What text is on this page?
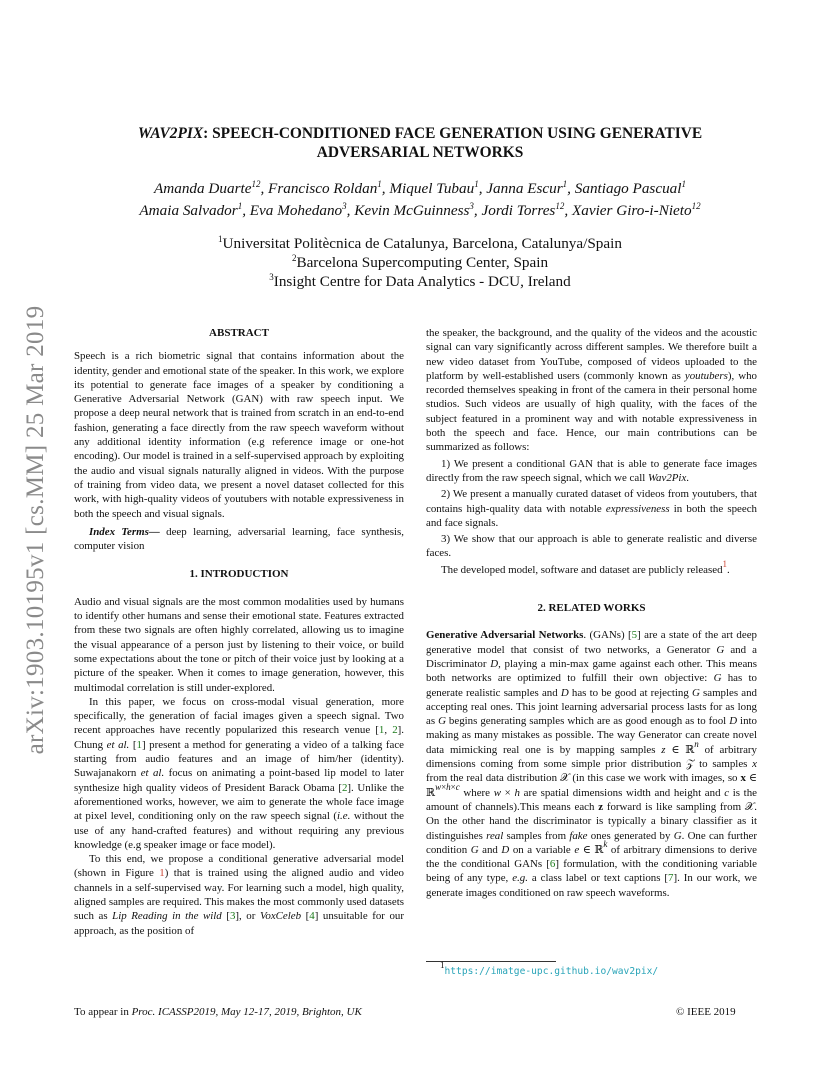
arXiv:1903.10195v1 [cs.MM] 25 Mar 2019
WAV2PIX: SPEECH-CONDITIONED FACE GENERATION USING GENERATIVE
ADVERSARIAL NETWORKS
Amanda Duarte$^{12}$, Francisco Roldan$^1$, Miquel Tubau$^1$, Janna Escur$^1$, Santiago Pascual$^1$
Amaia Salvador$^1$, Eva Mohedano$^3$, Kevin McGuinness$^3$, Jordi Torres$^{12}$, Xavier Giro-i-Nieto$^{12}$
$^1$Universitat Politècnica de Catalunya, Barcelona, Catalunya/Spain
$^2$Barcelona Supercomputing Center, Spain
$^3$Insight Centre for Data Analytics - DCU, Ireland
ABSTRACT

Speech is a rich biometric signal that contains information about the identity, gender and emotional state of the speaker. In this work, we explore its potential to generate face images of a speaker by conditioning a Generative Adversarial Network (GAN) with raw speech input. We propose a deep neural network that is trained from scratch in an end-to-end fashion, generating a face directly from the raw speech waveform without any additional identity information (e.g reference image or one-hot encoding). Our model is trained in a self-supervised approach by exploiting the audio and visual signals naturally aligned in videos. With the purpose of training from video data, we present a novel dataset collected for this work, with high-quality videos of youtubers with notable expressiveness in both the speech and visual signals.

Index Terms— deep learning, adversarial learning, face synthesis, computer vision

1. INTRODUCTION

Audio and visual signals are the most common modalities used by humans to identify other humans and sense their emotional state. Features extracted from these two signals are often highly correlated, allowing us to imagine the visual appearance of a person just by listening to their voice, or build some expectations about the tone or pitch of their voice just by looking at a picture of the speaker. When it comes to image generation, however, this multimodal correlation is still under-explored.

In this paper, we focus on cross-modal visual generation, more specifically, the generation of facial images given a speech signal. Two recent approaches have recently popularized this research venue [1, 2]. Chung et al. [1] present a method for generating a video of a talking face starting from audio features and an image of him/her (identity). Suwajanakorn et al. focus on animating a point-based lip model to later synthesize high quality videos of President Barack Obama [2]. Unlike the aforementioned works, however, we aim to generate the whole face image at pixel level, conditioning only on the raw speech signal (i.e. without the use of any hand-crafted features) and without requiring any previous knowledge (e.g speaker image or face model).

To this end, we propose a conditional generative adversarial model (shown in Figure 1) that is trained using the aligned audio and video channels in a self-supervised way. For learning such a model, high quality, aligned samples are required. This makes the most commonly used datasets such as Lip Reading in the wild [3], or VoxCeleb [4] unsuitable for our approach, as the position of

the speaker, the background, and the quality of the videos and the acoustic signal can vary significantly across different samples. We therefore built a new video dataset from YouTube, composed of videos uploaded to the platform by well-established users (commonly known as youtubers), who recorded themselves speaking in front of the camera in their personal home studios. Such videos are usually of high quality, with the faces of the subject featured in a prominent way and with notable expressiveness in both the speech and face. Hence, our main contributions can be summarized as follows:

1) We present a conditional GAN that is able to generate face images directly from the raw speech signal, which we call Wav2Pix.

2) We present a manually curated dataset of videos from youtubers, that contains high-quality data with notable expressiveness in both the speech and face signals.

3) We show that our approach is able to generate realistic and diverse faces.

The developed model, software and dataset are publicly released$^1$.

2. RELATED WORKS

Generative Adversarial Networks. (GANs) [5] are a state of the art deep generative model that consist of two networks, a Generator G and a Discriminator D, playing a min-max game against each other. This means both networks are optimized to fulfill their own objective: G has to generate realistic samples and D has to be good at rejecting G samples and accepting real ones. This joint learning adversarial process lasts for as long as G begins generating samples which are as good enough as to fool D into making as many mistakes as possible. The way Generator can create novel data mimicking real one is by mapping samples z ∈ ℝ$^n$ of arbitrary dimensions coming from some simple prior distribution 𝒵 to samples x from the real data distribution 𝒳 (in this case we work with images, so x ∈ ℝ$^{w\times h\times c}$ where w × h are spatial dimensions width and height and c is the amount of channels).This means each z forward is like sampling from 𝒳. On the other hand the discriminator is typically a binary classifier as it distinguishes real samples from fake ones generated by G. One can further condition G and D on a variable e ∈ ℝ$^k$ of arbitrary dimensions to derive the the conditional GANs [6] formulation, with the conditioning variable being of any type, e.g. a class label or text captions [7]. In our work, we generate images conditioned on raw speech waveforms.

$^1$https://imatge-upc.github.io/wav2pix/
To appear in Proc. ICASSP2019, May 12-17, 2019, Brighton, UK	© IEEE 2019
